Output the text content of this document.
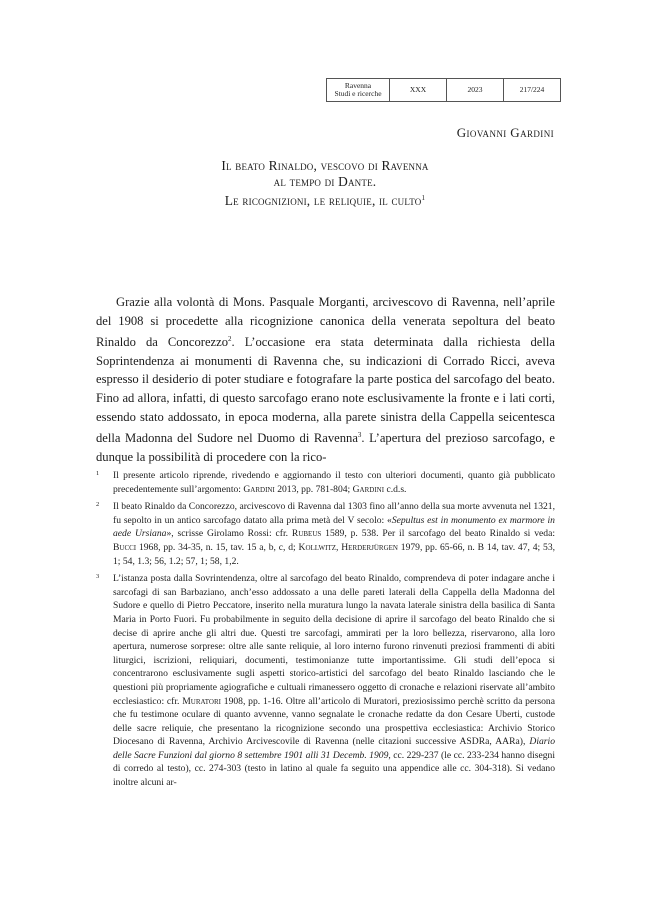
Ravenna
Studi e ricerche	XXX	2023	217/224
Giovanni Gardini
Il beato Rinaldo, vescovo di Ravenna
al tempo di Dante.
Le ricognizioni, le reliquie, il culto$^1$

Grazie alla volontà di Mons. Pasquale Morganti, arcivescovo di Ravenna, nell’aprile del 1908 si procedette alla ricognizione canonica della venerata sepoltura del beato Rinaldo da Concorezzo$^2$. L’occasione era stata determinata dalla richiesta della Soprintendenza ai monumenti di Ravenna che, su indicazioni di Corrado Ricci, aveva espresso il desiderio di poter studiare e fotografare la parte postica del sarcofago del beato. Fino ad allora, infatti, di questo sarcofago erano note esclusivamente la fronte e i lati corti, essendo stato addossato, in epoca moderna, alla parete sinistra della Cappella seicentesca della Madonna del Sudore nel Duomo di Ravenna$^3$. L’apertura del prezioso sarcofago, e dunque la possibilità di procedere con la rico-

1 Il presente articolo riprende, rivedendo e aggiornando il testo con ulteriori documenti, quanto già pubblicato precedentemente sull’argomento: Gardini 2013, pp. 781-804; Gardini c.d.s.
2 Il beato Rinaldo da Concorezzo, arcivescovo di Ravenna dal 1303 fino all’anno della sua morte avvenuta nel 1321, fu sepolto in un antico sarcofago datato alla prima metà del V secolo: «Sepultus est in monumento ex marmore in aede Ursiana», scrisse Girolamo Rossi: cfr. Rubeus 1589, p. 538. Per il sarcofago del beato Rinaldo si veda: Bucci 1968, pp. 34-35, n. 15, tav. 15 a, b, c, d; Kollwitz, Herderjürgen 1979, pp. 65-66, n. B 14, tav. 47, 4; 53, 1; 54, 1.3; 56, 1.2; 57, 1; 58, 1,2.
3 L’istanza posta dalla Sovrintendenza, oltre al sarcofago del beato Rinaldo, comprendeva di poter indagare anche i sarcofagi di san Barbaziano, anch’esso addossato a una delle pareti laterali della Cappella della Madonna del Sudore e quello di Pietro Peccatore, inserito nella muratura lungo la navata laterale sinistra della basilica di Santa Maria in Porto Fuori. Fu probabilmente in seguito della decisione di aprire il sarcofago del beato Rinaldo che si decise di aprire anche gli altri due. Questi tre sarcofagi, ammirati per la loro bellezza, riservarono, alla loro apertura, numerose sorprese: oltre alle sante reliquie, al loro interno furono rinvenuti preziosi frammenti di abiti liturgici, iscrizioni, reliquiari, documenti, testimonianze tutte importantissime. Gli studi dell’epoca si concentrarono esclusivamente sugli aspetti storico-artistici del sarcofago del beato Rinaldo lasciando che le questioni più propriamente agiografiche e cultuali rimanessero oggetto di cronache e relazioni riservate all’ambito ecclesiastico: cfr. Muratori 1908, pp. 1-16. Oltre all’articolo di Muratori, preziosissimo perchè scritto da persona che fu testimone oculare di quanto avvenne, vanno segnalate le cronache redatte da don Cesare Uberti, custode delle sacre reliquie, che presentano la ricognizione secondo una prospettiva ecclesiastica: Archivio Storico Diocesano di Ravenna, Archivio Arcivescovile di Ravenna (nelle citazioni successive ASDRa, AARa), Diario delle Sacre Funzioni dal giorno 8 settembre 1901 alli 31 Decemb. 1909, cc. 229-237 (le cc. 233-234 hanno disegni di corredo al testo), cc. 274-303 (testo in latino al quale fa seguito una appendice alle cc. 304-318). Si vedano inoltre alcuni ar-
